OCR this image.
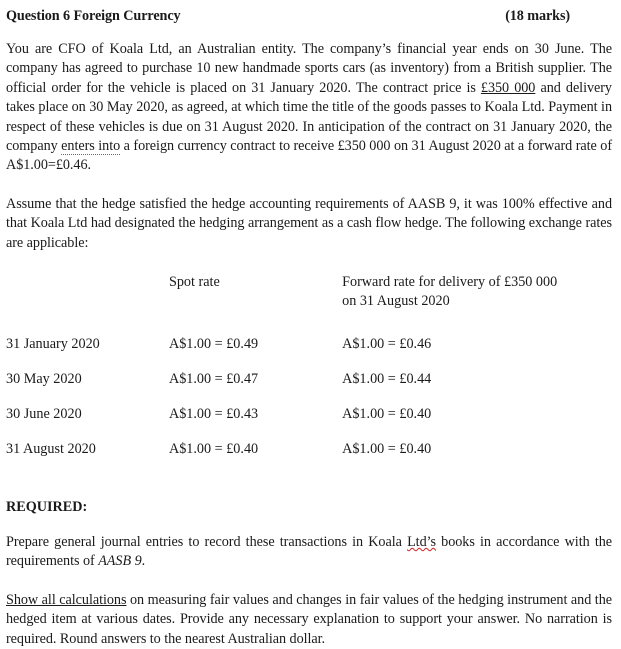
Question 6 Foreign Currency	(18 marks)

You are CFO of Koala Ltd, an Australian entity. The company’s financial year ends on 30 June. The company has agreed to purchase 10 new handmade sports cars (as inventory) from a British supplier. The official order for the vehicle is placed on 31 January 2020. The contract price is £350 000 and delivery takes place on 30 May 2020, as agreed, at which time the title of the goods passes to Koala Ltd. Payment in respect of these vehicles is due on 31 August 2020. In anticipation of the contract on 31 January 2020, the company enters into a foreign currency contract to receive £350 000 on 31 August 2020 at a forward rate of A$1.00=£0.46.

Assume that the hedge satisfied the hedge accounting requirements of AASB 9, it was 100% effective and that Koala Ltd had designated the hedging arrangement as a cash flow hedge. The following exchange rates are applicable:

	Spot rate	Forward rate for delivery of £350 000
		on 31 August 2020

31 January 2020	A$1.00 = £0.49	A$1.00 = £0.46
30 May 2020	A$1.00 = £0.47	A$1.00 = £0.44
30 June 2020	A$1.00 = £0.43	A$1.00 = £0.40
31 August 2020	A$1.00 = £0.40	A$1.00 = £0.40
REQUIRED:

Prepare general journal entries to record these transactions in Koala Ltd’s books in accordance with the requirements of AASB 9.

Show all calculations on measuring fair values and changes in fair values of the hedging instrument and the hedged item at various dates. Provide any necessary explanation to support your answer. No narration is required. Round answers to the nearest Australian dollar.
